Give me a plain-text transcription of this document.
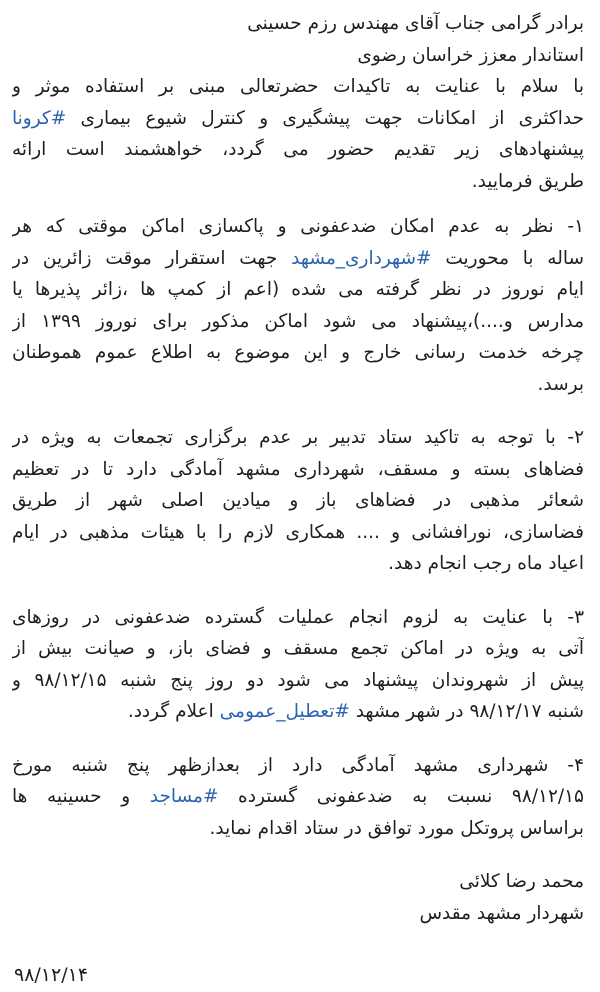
برادر گرامی جناب آقای مهندس رزم حسینی
استاندار معزز خراسان رضوی
با سلام با عنایت به تاکیدات حضرتعالی مبنی بر استفاده موثر و
حداکثری از امکانات جهت پیشگیری و کنترل شیوع بیماری #کرونا
پیشنهادهای زیر تقدیم حضور می گردد، خواهشمند است ارائه
طریق فرمایید.
۱- نظر به عدم امکان ضدعفونی و پاکسازی اماکن موقتی که هر
ساله با محوریت #شهرداری_مشهد جهت استقرار موقت زائرین در
ایام نوروز در نظر گرفته می شده (اعم از کمپ ها ،زائر پذیرها یا
مدارس و....)،پیشنهاد می شود اماکن مذکور برای نوروز ۱۳۹۹ از
چرخه خدمت رسانی خارج و این موضوع به اطلاع عموم هموطنان
برسد.
۲- با توجه به تاکید ستاد تدبیر بر عدم برگزاری تجمعات به ویژه در
فضاهای بسته و مسقف، شهرداری مشهد آمادگی دارد تا در تعظیم
شعائر مذهبی در فضاهای باز و میادین اصلی شهر از طریق
فضاسازی، نورافشانی و .... همکاری لازم را با هیئات مذهبی در ایام
اعیاد ماه رجب انجام دهد.
۳- با عنایت به لزوم انجام عملیات گسترده ضدعفونی در روزهای
آتی به ویژه در اماکن تجمع مسقف و فضای باز، و صیانت بیش از
پیش از شهروندان پیشنهاد می شود دو روز پنج شنبه ۹۸/۱۲/۱۵ و
شنبه ۹۸/۱۲/۱۷ در شهر مشهد #تعطیل_عمومی اعلام گردد.
۴- شهرداری مشهد آمادگی دارد از بعدازظهر پنج شنبه مورخ
۹۸/۱۲/۱۵ نسبت به ضدعفونی گسترده #مساجد و حسینیه ها
براساس پروتکل مورد توافق در ستاد اقدام نماید.
محمد رضا کلائی
شهردار مشهد مقدس
۹۸/۱۲/۱۴
